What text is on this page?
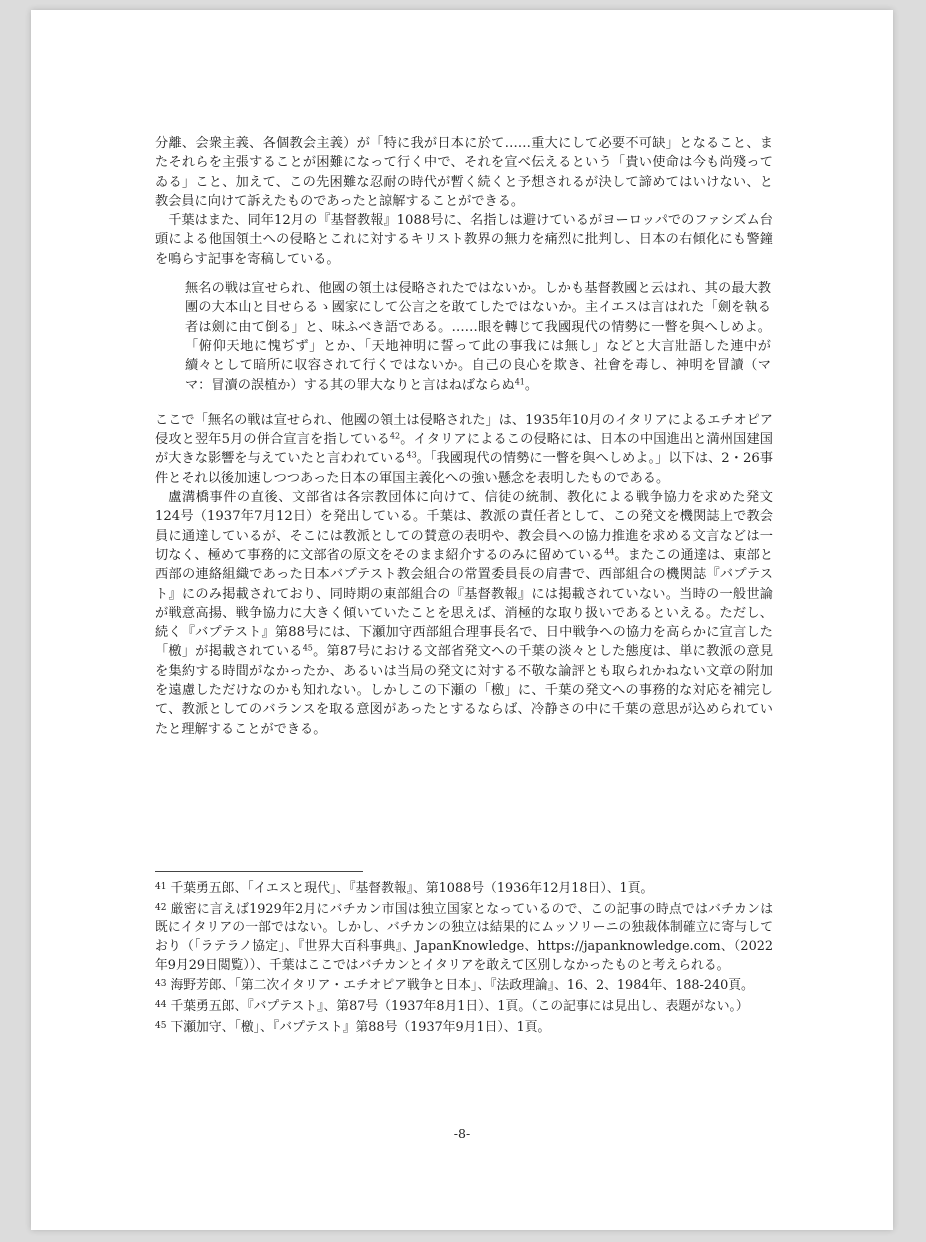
分離、会衆主義、各個教会主義）が「特に我が日本に於て……重大にして必要不可缺」となること、またそれらを主張することが困難になって行く中で、それを宣べ伝えるという「貴い使命は今も尚殘ってゐる」こと、加えて、この先困難な忍耐の時代が暫く続くと予想されるが決して諦めてはいけない、と教会員に向けて訴えたものであったと諒解することができる。

千葉はまた、同年12月の『基督教報』1088号に、名指しは避けているがヨーロッパでのファシズム台頭による他国領土への侵略とこれに対するキリスト教界の無力を痛烈に批判し、日本の右傾化にも警鐘を鳴らす記事を寄稿している。

無名の戦は宣せられ、他國の領土は侵略されたではないか。しかも基督教國と云はれ、其の最大教團の大本山と目せらるゝ國家にして公言之を敢てしたではないか。主イエスは言はれた「劍を執る者は劍に由て倒る」と、味ふべき語である。……眼を轉じて我國現代の情勢に一瞥を與へしめよ。「俯仰天地に愧ぢず」とか、「天地神明に誓って此の事我には無し」などと大言壯語した連中が續々として暗所に収容されて行くではないか。自己の良心を欺き、社會を毒し、神明を冒讀（ママ：冒瀆の誤植か）する其の罪大なりと言はねばならぬ$^{41}$。

ここで「無名の戦は宣せられ、他國の領土は侵略された」は、1935年10月のイタリアによるエチオピア侵攻と翌年5月の併合宣言を指している$^{42}$。イタリアによるこの侵略には、日本の中国進出と満州国建国が大きな影響を与えていたと言われている$^{43}$。「我國現代の情勢に一瞥を與へしめよ。」以下は、2・26事件とそれ以後加速しつつあった日本の軍国主義化への強い懸念を表明したものである。

盧溝橋事件の直後、文部省は各宗教団体に向けて、信徒の統制、教化による戦争協力を求めた発文124号（1937年7月12日）を発出している。千葉は、教派の責任者として、この発文を機関誌上で教会員に通達しているが、そこには教派としての賛意の表明や、教会員への協力推進を求める文言などは一切なく、極めて事務的に文部省の原文をそのまま紹介するのみに留めている$^{44}$。またこの通達は、東部と西部の連絡組織であった日本バプテスト教会組合の常置委員長の肩書で、西部組合の機関誌『バプテスト』にのみ掲載されており、同時期の東部組合の『基督教報』には掲載されていない。当時の一般世論が戦意高揚、戦争協力に大きく傾いていたことを思えば、消極的な取り扱いであるといえる。ただし、続く『バプテスト』第88号には、下瀬加守西部組合理事長名で、日中戦争への協力を高らかに宣言した「檄」が掲載されている$^{45}$。第87号における文部省発文への千葉の淡々とした態度は、単に教派の意見を集約する時間がなかったか、あるいは当局の発文に対する不敬な論評とも取られかねない文章の附加を遠慮しただけなのかも知れない。しかしこの下瀬の「檄」に、千葉の発文への事務的な対応を補完して、教派としてのバランスを取る意図があったとするならば、冷静さの中に千葉の意思が込められていたと理解することができる。

$^{41}$ 千葉勇五郎、「イエスと現代」、『基督教報』、第1088号（1936年12月18日）、1頁。

$^{42}$ 厳密に言えば1929年2月にバチカン市国は独立国家となっているので、この記事の時点ではバチカンは既にイタリアの一部ではない。しかし、バチカンの独立は結果的にムッソリーニの独裁体制確立に寄与しており（「ラテラノ協定」、『世界大百科事典』、JapanKnowledge、https://japanknowledge.com、（2022年9月29日閲覧））、千葉はここではバチカンとイタリアを敢えて区別しなかったものと考えられる。

$^{43}$ 海野芳郎、「第二次イタリア・エチオピア戦争と日本」、『法政理論』、16、2、1984年、188-240頁。

$^{44}$ 千葉勇五郎、『バプテスト』、第87号（1937年8月1日）、1頁。（この記事には見出し、表題がない。）

$^{45}$ 下瀬加守、「檄」、『バプテスト』第88号（1937年9月1日）、1頁。

-8-
